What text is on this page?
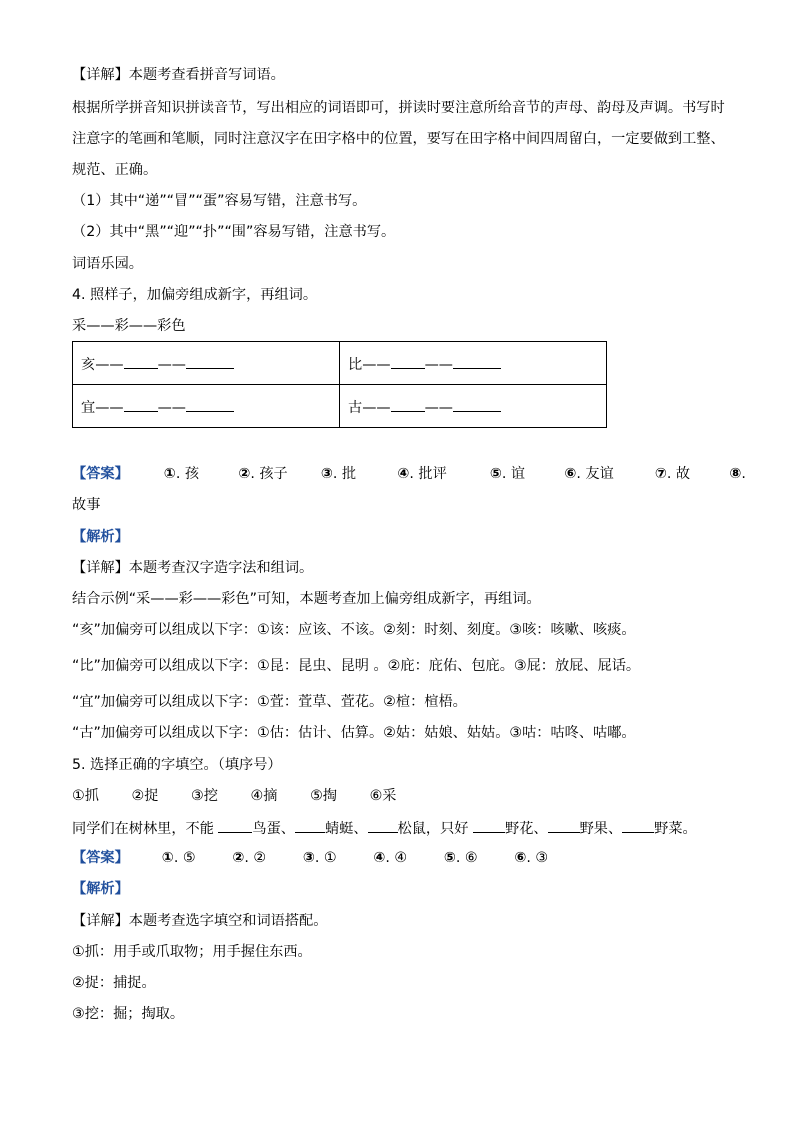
【详解】本题考查看拼音写词语。
根据所学拼音知识拼读音节，写出相应的词语即可，拼读时要注意所给音节的声母、韵母及声调。书写时
注意字的笔画和笔顺，同时注意汉字在田字格中的位置，要写在田字格中间四周留白，一定要做到工整、
规范、正确。
（1）其中“递”“冒”“蛋”容易写错，注意书写。
（2）其中“黑”“迎”“扑”“围”容易写错，注意书写。
词语乐园。
4. 照样子，加偏旁组成新字，再组词。
采——彩——彩色
亥—— ——	比—— ——
宜—— ——	古—— ——
【答案】 ①. 孩	②. 孩子 ③. 批	④. 批评	⑤. 谊	⑥. 友谊	⑦. 故	⑧.
故事
【解析】
【详解】本题考查汉字造字法和组词。
结合示例“采——彩——彩色”可知，本题考查加上偏旁组成新字，再组词。
“亥”加偏旁可以组成以下字：①该：应该、不该。②刻：时刻、刻度。③咳：咳嗽、咳痰。
“比”加偏旁可以组成以下字：①昆：昆虫、昆明 。②庇：庇佑、包庇。③屁：放屁、屁话。
“宜”加偏旁可以组成以下字：①萓：萓草、萓花。②楦：楦梧。
“古”加偏旁可以组成以下字：①估：估计、估算。②姑：姑娘、姑姑。③咕：咕咚、咕嘟。
5. 选择正确的字填空。（填序号）
①抓 ②捉 ③挖 ④摘 ⑤掏 ⑥采
同学们在树林里，不能 鸟蛋、 蜻蜓、 松鼠，只好 野花、 野果、 野菜。
【答案】 ①. ⑤	②. ②	③. ①	④. ④	⑤. ⑥	⑥. ③
【解析】
【详解】本题考查选字填空和词语搭配。
①抓：用手或爪取物；用手握住东西。
②捉：捕捉。
③挖：掘；掏取。
